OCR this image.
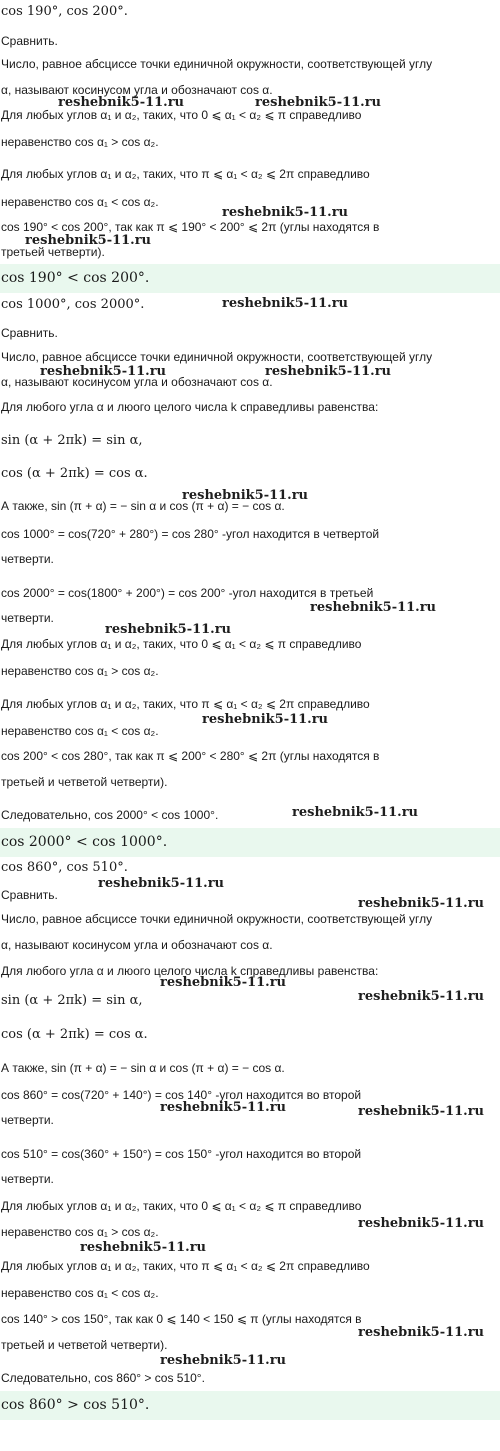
cos 190°, cos 200°.
Сравнить.
Число, равное абсциссе точки единичной окружности, соответствующей углу
α, называют косинусом угла и обозначают cos α.
Для любых углов α₁ и α₂, таких, что 0 ⩽ α₁ < α₂ ⩽ π справедливо
неравенство cos α₁ > cos α₂.
Для любых углов α₁ и α₂, таких, что π ⩽ α₁ < α₂ ⩽ 2π справедливо
неравенство cos α₁ < cos α₂.
cos 190° < cos 200°, так как π ⩽ 190° < 200° ⩽ 2π (углы находятся в
третьей четверти).
cos 190° < cos 200°.
cos 1000°, cos 2000°.
Сравнить.
Число, равное абсциссе точки единичной окружности, соответствующей углу
α, называют косинусом угла и обозначают cos α.
Для любого угла α и люого целого числа k справедливы равенства:
sin (α + 2πk) = sin α,
cos (α + 2πk) = cos α.
А также, sin (π + α) = − sin α и cos (π + α) = − cos α.
cos 1000° = cos(720° + 280°) = cos 280° -угол находится в четвертой
четверти.
cos 2000° = cos(1800° + 200°) = cos 200° -угол находится в третьей
четверти.
Для любых углов α₁ и α₂, таких, что 0 ⩽ α₁ < α₂ ⩽ π справедливо
неравенство cos α₁ > cos α₂.
Для любых углов α₁ и α₂, таких, что π ⩽ α₁ < α₂ ⩽ 2π справедливо
неравенство cos α₁ < cos α₂.
cos 200° < cos 280°, так как π ⩽ 200° < 280° ⩽ 2π (углы находятся в
третьей и четветой четверти).
Следовательно, cos 2000° < cos 1000°.
cos 2000° < cos 1000°.
cos 860°, cos 510°.
Сравнить.
Число, равное абсциссе точки единичной окружности, соответствующей углу
α, называют косинусом угла и обозначают cos α.
Для любого угла α и люого целого числа k справедливы равенства:
sin (α + 2πk) = sin α,
cos (α + 2πk) = cos α.
А также, sin (π + α) = − sin α и cos (π + α) = − cos α.
cos 860° = cos(720° + 140°) = cos 140° -угол находится во второй
четверти.
cos 510° = cos(360° + 150°) = cos 150° -угол находится во второй
четверти.
Для любых углов α₁ и α₂, таких, что 0 ⩽ α₁ < α₂ ⩽ π справедливо
неравенство cos α₁ > cos α₂.
Для любых углов α₁ и α₂, таких, что π ⩽ α₁ < α₂ ⩽ 2π справедливо
неравенство cos α₁ < cos α₂.
cos 140° > cos 150°, так как 0 ⩽ 140 < 150 ⩽ π (углы находятся в
третьей и четветой четверти).
Следовательно, cos 860° > cos 510°.
cos 860° > cos 510°.
reshebnik5-11.ru	reshebnik5-11.ru
reshebnik5-11.ru
reshebnik5-11.ru
reshebnik5-11.ru
reshebnik5-11.ru	reshebnik5-11.ru
reshebnik5-11.ru
reshebnik5-11.ru
reshebnik5-11.ru
reshebnik5-11.ru
reshebnik5-11.ru
reshebnik5-11.ru
reshebnik5-11.ru
reshebnik5-11.ru
reshebnik5-11.ru
reshebnik5-11.ru	reshebnik5-11.ru
reshebnik5-11.ru
reshebnik5-11.ru
reshebnik5-11.ru
reshebnik5-11.ru
